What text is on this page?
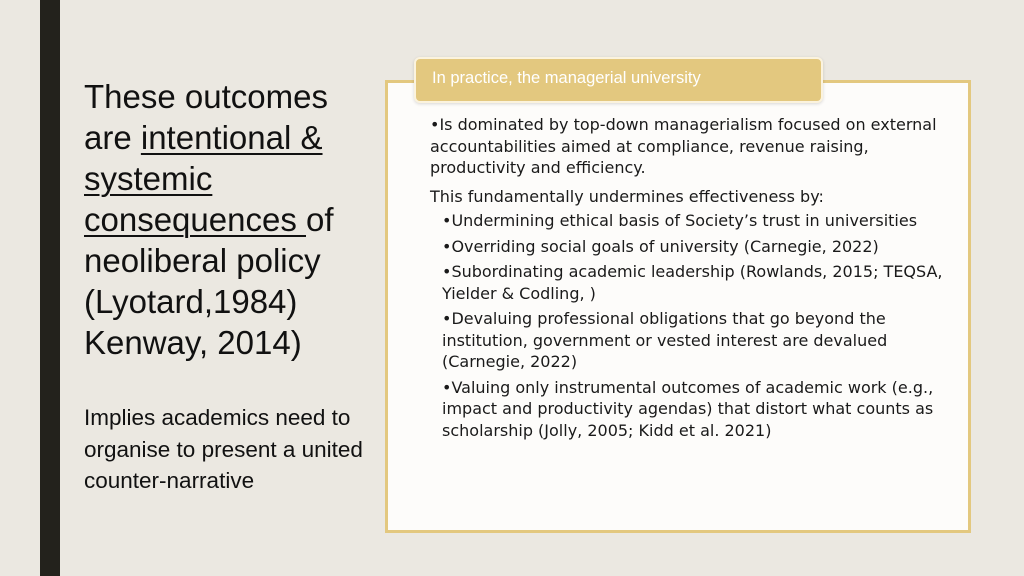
These outcomes are intentional & systemic consequences of neoliberal policy (Lyotard,1984) Kenway, 2014)
Implies academics need to organise to present a united counter-narrative
In practice, the managerial university

•Is dominated by top-down managerialism focused on external accountabilities aimed at compliance, revenue raising, productivity and efficiency.

This fundamentally undermines effectiveness by:

•Undermining ethical basis of Society’s trust in universities

•Overriding social goals of university (Carnegie, 2022)

•Subordinating academic leadership (Rowlands, 2015; TEQSA, Yielder & Codling, )

•Devaluing professional obligations that go beyond the institution, government or vested interest are devalued (Carnegie, 2022)

•Valuing only instrumental outcomes of academic work (e.g., impact and productivity agendas) that distort what counts as scholarship (Jolly, 2005; Kidd et al. 2021)
